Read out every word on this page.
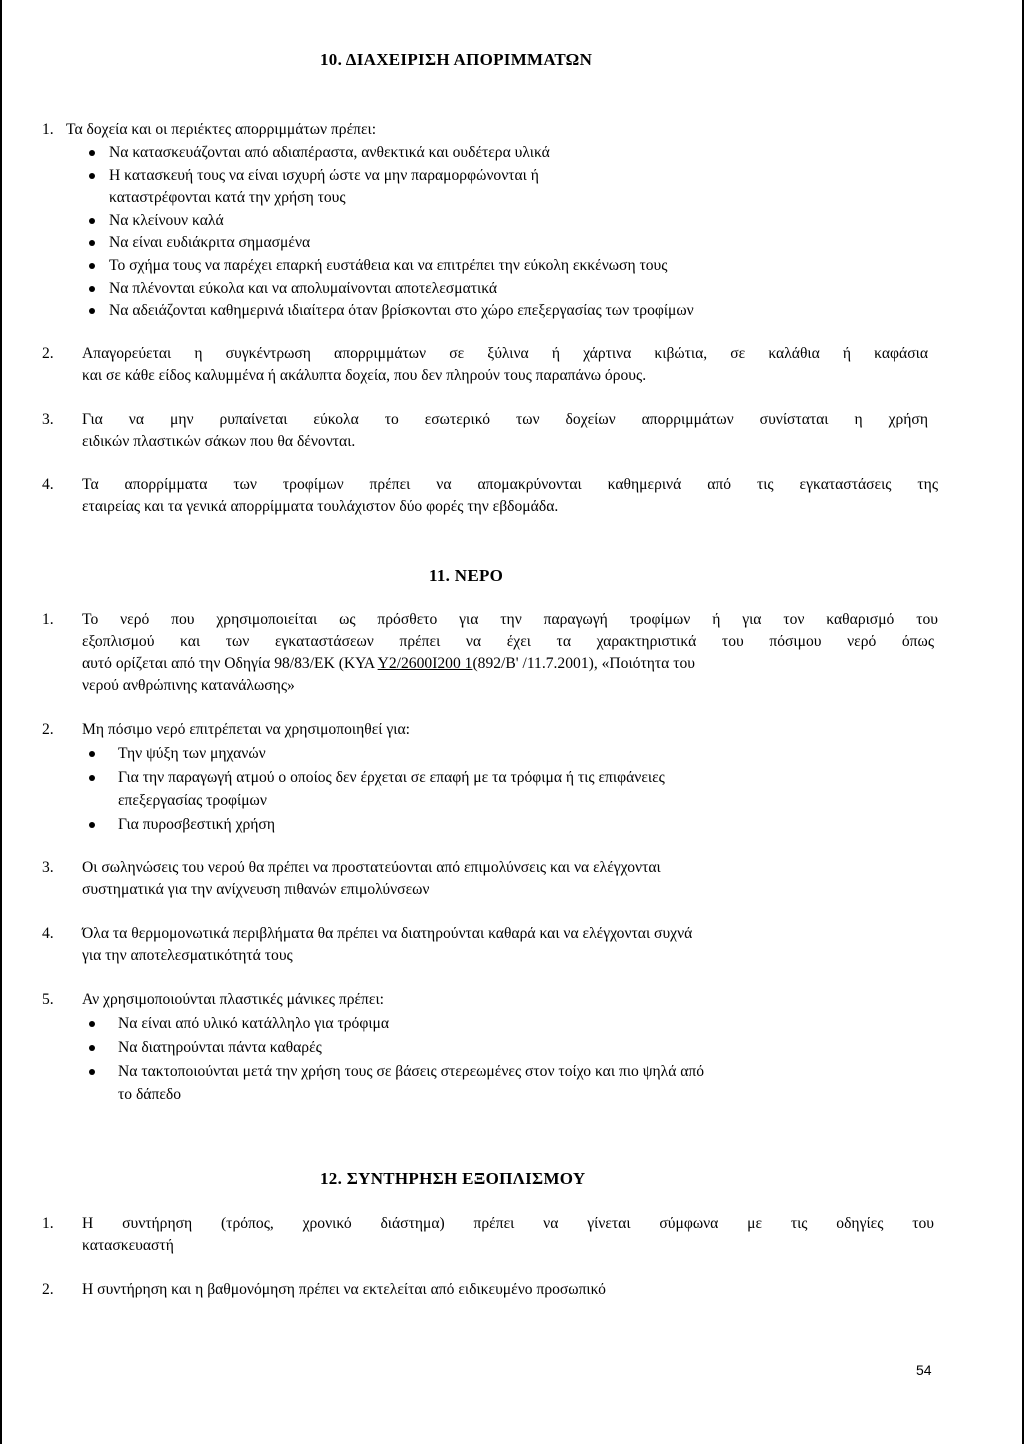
10. ΔΙΑΧΕΙΡΙΣΗ ΑΠΟΡΙΜΜΑΤΩΝ
1. Τα δοχεία και οι περιέκτες απορριμμάτων πρέπει:
Να κατασκευάζονται από αδιαπέραστα, ανθεκτικά και ουδέτερα υλικά
Η κατασκευή τους να είναι ισχυρή ώστε να μην παραμορφώνονται ή
καταστρέφονται κατά την χρήση τους
Να κλείνουν καλά
Να είναι ευδιάκριτα σημασμένα
Το σχήμα τους να παρέχει επαρκή ευστάθεια και να επιτρέπει την εύκολη εκκένωση τους
Να πλένονται εύκολα και να απολυμαίνονται αποτελεσματικά
Να αδειάζονται καθημερινά ιδιαίτερα όταν βρίσκονται στο χώρο επεξεργασίας των τροφίμων
2. Απαγορεύεται η συγκέντρωση απορριμμάτων σε ξύλινα ή χάρτινα κιβώτια, σε καλάθια ή καφάσια
και σε κάθε είδος καλυμμένα ή ακάλυπτα δοχεία, που δεν πληρούν τους παραπάνω όρους.
3. Για να μην ρυπαίνεται εύκολα το εσωτερικό των δοχείων απορριμμάτων συνίσταται η χρήση
ειδικών πλαστικών σάκων που θα δένονται.
4. Τα απορρίμματα των τροφίμων πρέπει να απομακρύνονται καθημερινά από τις εγκαταστάσεις της
εταιρείας και τα γενικά απορρίμματα τουλάχιστον δύο φορές την εβδομάδα.
11. ΝΕΡΟ
1. Το νερό που χρησιμοποιείται ως πρόσθετο για την παραγωγή τροφίμων ή για τον καθαρισμό του
εξοπλισμού και των εγκαταστάσεων πρέπει να έχει τα χαρακτηριστικά του πόσιμου νερό όπως
αυτό ορίζεται από την Οδηγία 98/83/ΕΚ (ΚΥΑ Υ2/2600Ι200 1(892/Β' /11.7.2001), «Ποιότητα του
νερού ανθρώπινης κατανάλωσης»
2. Μη πόσιμο νερό επιτρέπεται να χρησιμοποιηθεί για:
Την ψύξη των μηχανών
Για την παραγωγή ατμού ο οποίος δεν έρχεται σε επαφή με τα τρόφιμα ή τις επιφάνειες
επεξεργασίας τροφίμων
Για πυροσβεστική χρήση
3. Οι σωληνώσεις του νερού θα πρέπει να προστατεύονται από επιμολύνσεις και να ελέγχονται
συστηματικά για την ανίχνευση πιθανών επιμολύνσεων
4. Όλα τα θερμομονωτικά περιβλήματα θα πρέπει να διατηρούνται καθαρά και να ελέγχονται συχνά
για την αποτελεσματικότητά τους
5. Αν χρησιμοποιούνται πλαστικές μάνικες πρέπει:
Να είναι από υλικό κατάλληλο για τρόφιμα
Να διατηρούνται πάντα καθαρές
Να τακτοποιούνται μετά την χρήση τους σε βάσεις στερεωμένες στον τοίχο και πιο ψηλά από
το δάπεδο
12. ΣΥΝΤΗΡΗΣΗ ΕΞΟΠΛΙΣΜΟΥ
1. Η συντήρηση (τρόπος, χρονικό διάστημα) πρέπει να γίνεται σύμφωνα με τις οδηγίες του
κατασκευαστή
2. Η συντήρηση και η βαθμονόμηση πρέπει να εκτελείται από ειδικευμένο προσωπικό
54
